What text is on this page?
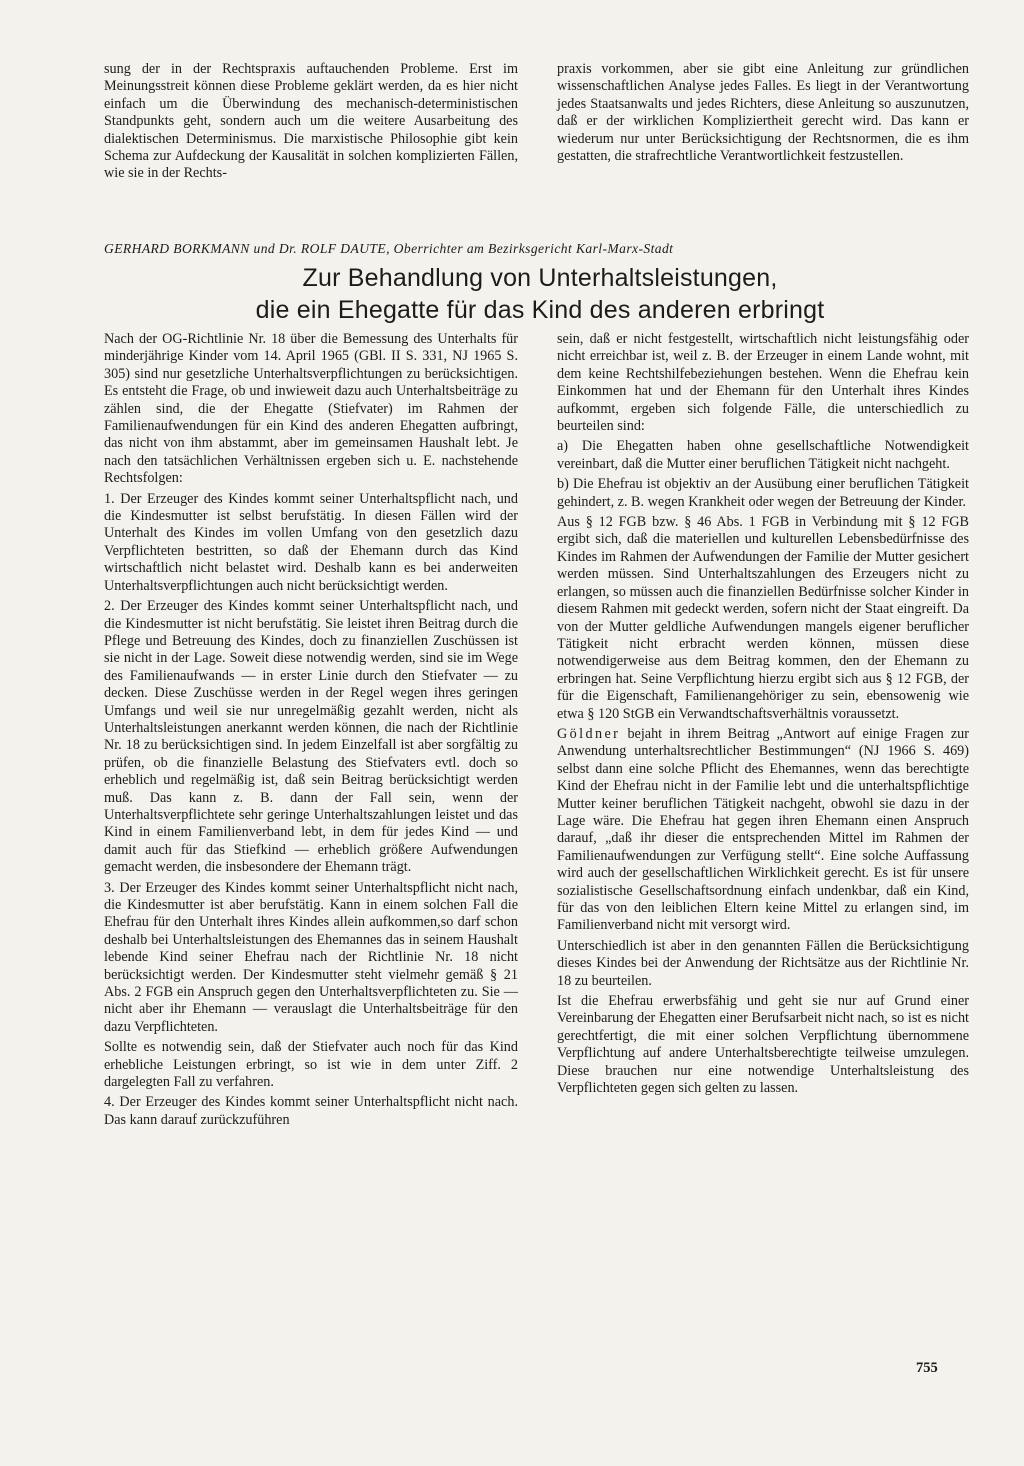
sung der in der Rechtspraxis auftauchenden Probleme. Erst im Meinungsstreit können diese Probleme geklärt werden, da es hier nicht einfach um die Überwindung des mechanisch-deterministischen Standpunkts geht, sondern auch um die weitere Ausarbeitung des dialektischen Determinismus. Die marxistische Philosophie gibt kein Schema zur Aufdeckung der Kausalität in solchen komplizierten Fällen, wie sie in der Rechts-

praxis vorkommen, aber sie gibt eine Anleitung zur gründlichen wissenschaftlichen Analyse jedes Falles. Es liegt in der Verantwortung jedes Staatsanwalts und jedes Richters, diese Anleitung so auszunutzen, daß er der wirklichen Kompliziertheit gerecht wird. Das kann er wiederum nur unter Berücksichtigung der Rechtsnormen, die es ihm gestatten, die strafrechtliche Verantwortlichkeit festzustellen.

GERHARD BORKMANN und Dr. ROLF DAUTE, Oberrichter am Bezirksgericht Karl-Marx-Stadt
Zur Behandlung von Unterhaltsleistungen,
die ein Ehegatte für das Kind des anderen erbringt

Nach der OG-Richtlinie Nr. 18 über die Bemessung des Unterhalts für minderjährige Kinder vom 14. April 1965 (GBl. II S. 331, NJ 1965 S. 305) sind nur gesetzliche Unterhaltsverpflichtungen zu berücksichtigen. Es entsteht die Frage, ob und inwieweit dazu auch Unterhaltsbeiträge zu zählen sind, die der Ehegatte (Stiefvater) im Rahmen der Familienaufwendungen für ein Kind des anderen Ehegatten aufbringt, das nicht von ihm abstammt, aber im gemeinsamen Haushalt lebt. Je nach den tatsächlichen Verhältnissen ergeben sich u. E. nachstehende Rechtsfolgen:

1. Der Erzeuger des Kindes kommt seiner Unterhaltspflicht nach, und die Kindesmutter ist selbst berufstätig. In diesen Fällen wird der Unterhalt des Kindes im vollen Umfang von den gesetzlich dazu Verpflichteten bestritten, so daß der Ehemann durch das Kind wirtschaftlich nicht belastet wird. Deshalb kann es bei anderweiten Unterhaltsverpflichtungen auch nicht berücksichtigt werden.

2. Der Erzeuger des Kindes kommt seiner Unterhaltspflicht nach, und die Kindesmutter ist nicht berufstätig. Sie leistet ihren Beitrag durch die Pflege und Betreuung des Kindes, doch zu finanziellen Zuschüssen ist sie nicht in der Lage. Soweit diese notwendig werden, sind sie im Wege des Familienaufwands — in erster Linie durch den Stiefvater — zu decken. Diese Zuschüsse werden in der Regel wegen ihres geringen Umfangs und weil sie nur unregelmäßig gezahlt werden, nicht als Unterhaltsleistungen anerkannt werden können, die nach der Richtlinie Nr. 18 zu berücksichtigen sind. In jedem Einzelfall ist aber sorgfältig zu prüfen, ob die finanzielle Belastung des Stiefvaters evtl. doch so erheblich und regelmäßig ist, daß sein Beitrag berücksichtigt werden muß. Das kann z. B. dann der Fall sein, wenn der Unterhaltsverpflichtete sehr geringe Unterhaltszahlungen leistet und das Kind in einem Familienverband lebt, in dem für jedes Kind — und damit auch für das Stiefkind — erheblich größere Aufwendungen gemacht werden, die insbesondere der Ehemann trägt.

3. Der Erzeuger des Kindes kommt seiner Unterhaltspflicht nicht nach, die Kindesmutter ist aber berufstätig. Kann in einem solchen Fall die Ehefrau für den Unterhalt ihres Kindes allein aufkommen,so darf schon deshalb bei Unterhaltsleistungen des Ehemannes das in seinem Haushalt lebende Kind seiner Ehefrau nach der Richtlinie Nr. 18 nicht berücksichtigt werden. Der Kindesmutter steht vielmehr gemäß § 21 Abs. 2 FGB ein Anspruch gegen den Unterhaltsverpflichteten zu. Sie — nicht aber ihr Ehemann — verauslagt die Unterhaltsbeiträge für den dazu Verpflichteten.

Sollte es notwendig sein, daß der Stiefvater auch noch für das Kind erhebliche Leistungen erbringt, so ist wie in dem unter Ziff. 2 dargelegten Fall zu verfahren.

4. Der Erzeuger des Kindes kommt seiner Unterhaltspflicht nicht nach. Das kann darauf zurückzuführen

sein, daß er nicht festgestellt, wirtschaftlich nicht leistungsfähig oder nicht erreichbar ist, weil z. B. der Erzeuger in einem Lande wohnt, mit dem keine Rechtshilfebeziehungen bestehen. Wenn die Ehefrau kein Einkommen hat und der Ehemann für den Unterhalt ihres Kindes aufkommt, ergeben sich folgende Fälle, die unterschiedlich zu beurteilen sind:

a) Die Ehegatten haben ohne gesellschaftliche Notwendigkeit vereinbart, daß die Mutter einer beruflichen Tätigkeit nicht nachgeht.

b) Die Ehefrau ist objektiv an der Ausübung einer beruflichen Tätigkeit gehindert, z. B. wegen Krankheit oder wegen der Betreuung der Kinder.

Aus § 12 FGB bzw. § 46 Abs. 1 FGB in Verbindung mit § 12 FGB ergibt sich, daß die materiellen und kulturellen Lebensbedürfnisse des Kindes im Rahmen der Aufwendungen der Familie der Mutter gesichert werden müssen. Sind Unterhaltszahlungen des Erzeugers nicht zu erlangen, so müssen auch die finanziellen Bedürfnisse solcher Kinder in diesem Rahmen mit gedeckt werden, sofern nicht der Staat eingreift. Da von der Mutter geldliche Aufwendungen mangels eigener beruflicher Tätigkeit nicht erbracht werden können, müssen diese notwendigerweise aus dem Beitrag kommen, den der Ehemann zu erbringen hat. Seine Verpflichtung hierzu ergibt sich aus § 12 FGB, der für die Eigenschaft, Familienangehöriger zu sein, ebensowenig wie etwa § 120 StGB ein Verwandtschaftsverhältnis voraussetzt.

Göldner bejaht in ihrem Beitrag „Antwort auf einige Fragen zur Anwendung unterhaltsrechtlicher Bestimmungen“ (NJ 1966 S. 469) selbst dann eine solche Pflicht des Ehemannes, wenn das berechtigte Kind der Ehefrau nicht in der Familie lebt und die unterhaltspflichtige Mutter keiner beruflichen Tätigkeit nachgeht, obwohl sie dazu in der Lage wäre. Die Ehefrau hat gegen ihren Ehemann einen Anspruch darauf, „daß ihr dieser die entsprechenden Mittel im Rahmen der Familienaufwendungen zur Verfügung stellt“. Eine solche Auffassung wird auch der gesellschaftlichen Wirklichkeit gerecht. Es ist für unsere sozialistische Gesellschaftsordnung einfach undenkbar, daß ein Kind, für das von den leiblichen Eltern keine Mittel zu erlangen sind, im Familienverband nicht mit versorgt wird.

Unterschiedlich ist aber in den genannten Fällen die Berücksichtigung dieses Kindes bei der Anwendung der Richtsätze aus der Richtlinie Nr. 18 zu beurteilen.

Ist die Ehefrau erwerbsfähig und geht sie nur auf Grund einer Vereinbarung der Ehegatten einer Berufsarbeit nicht nach, so ist es nicht gerechtfertigt, die mit einer solchen Verpflichtung übernommene Verpflichtung auf andere Unterhaltsberechtigte teilweise umzulegen. Diese brauchen nur eine notwendige Unterhaltsleistung des Verpflichteten gegen sich gelten zu lassen.

755
